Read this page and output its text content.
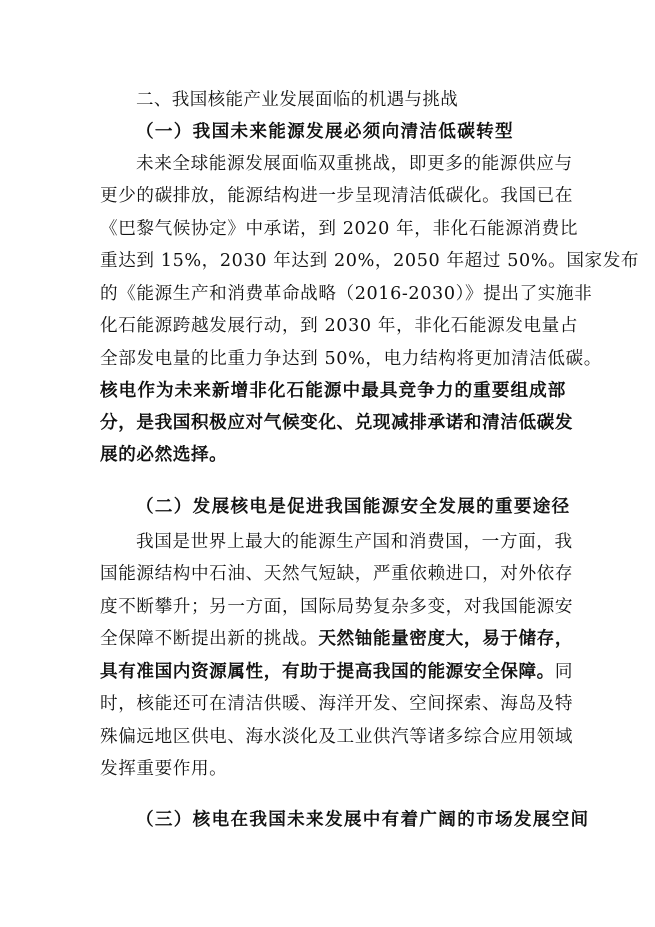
二、我国核能产业发展面临的机遇与挑战
（一）我国未来能源发展必须向清洁低碳转型
未来全球能源发展面临双重挑战，即更多的能源供应与
更少的碳排放，能源结构进一步呈现清洁低碳化。我国已在
《巴黎气候协定》中承诺，到 2020 年，非化石能源消费比
重达到 15%，2030 年达到 20%，2050 年超过 50%。国家发布
的《能源生产和消费革命战略（2016-2030）》提出了实施非
化石能源跨越发展行动，到 2030 年，非化石能源发电量占
全部发电量的比重力争达到 50%，电力结构将更加清洁低碳。
核电作为未来新增非化石能源中最具竞争力的重要组成部
分，是我国积极应对气候变化、兑现减排承诺和清洁低碳发
展的必然选择。
（二）发展核电是促进我国能源安全发展的重要途径
我国是世界上最大的能源生产国和消费国，一方面，我
国能源结构中石油、天然气短缺，严重依赖进口，对外依存
度不断攀升；另一方面，国际局势复杂多变，对我国能源安
全保障不断提出新的挑战。天然铀能量密度大，易于储存，
具有准国内资源属性，有助于提高我国的能源安全保障。同
时，核能还可在清洁供暖、海洋开发、空间探索、海岛及特
殊偏远地区供电、海水淡化及工业供汽等诸多综合应用领域
发挥重要作用。
（三）核电在我国未来发展中有着广阔的市场发展空间
